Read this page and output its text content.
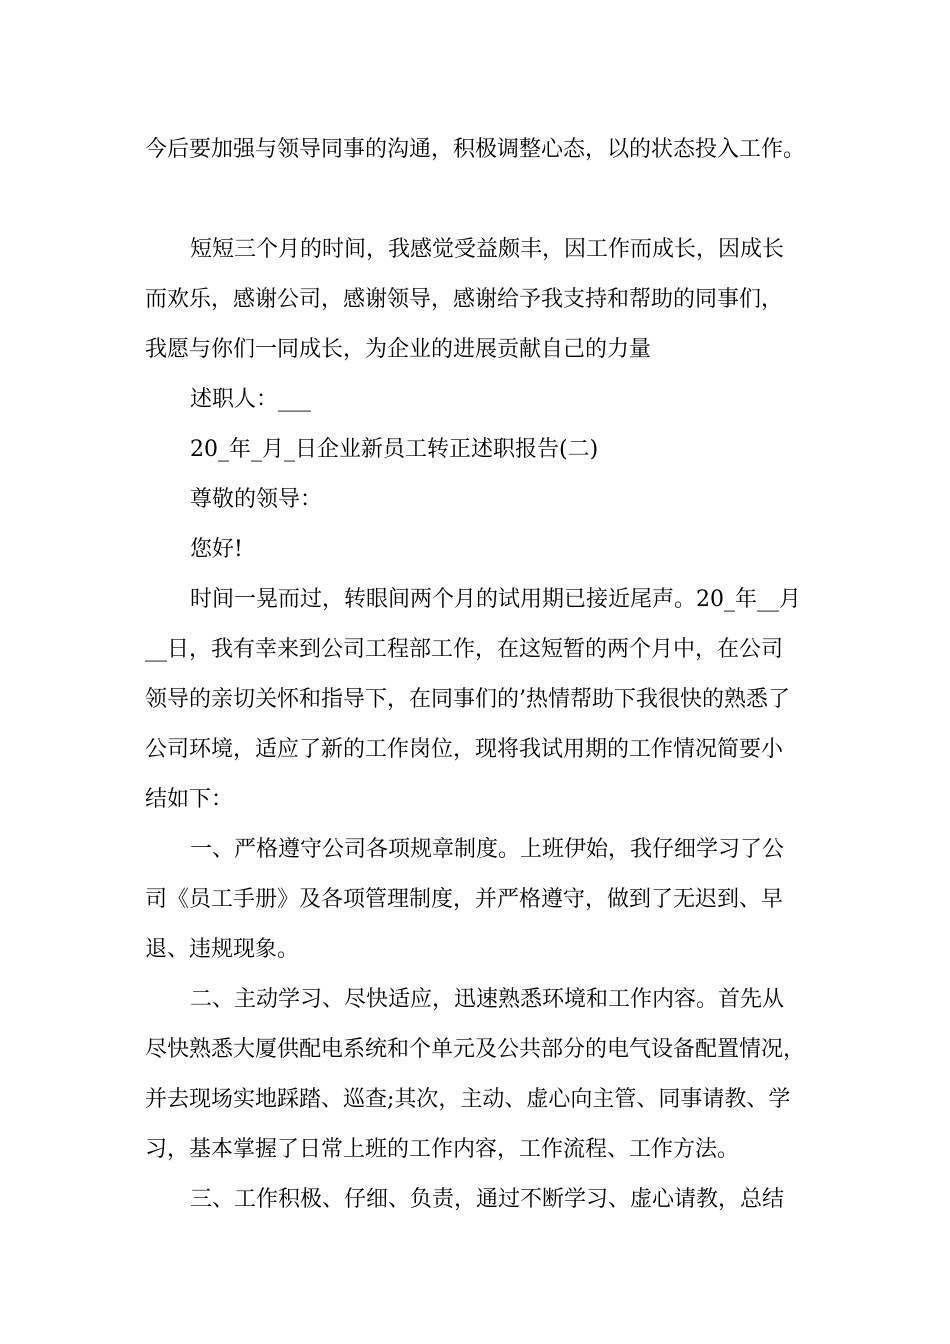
今后要加强与领导同事的沟通，积极调整心态，以的状态投入工作。
短短三个月的时间，我感觉受益颇丰，因工作而成长，因成长
而欢乐，感谢公司，感谢领导，感谢给予我支持和帮助的同事们，
我愿与你们一同成长，为企业的进展贡献自己的力量
述职人：___
20_年_月_日企业新员工转正述职报告(二)
尊敬的领导：
您好!
时间一晃而过，转眼间两个月的试用期已接近尾声。20_年__月
__日，我有幸来到公司工程部工作，在这短暂的两个月中，在公司
领导的亲切关怀和指导下，在同事们的’热情帮助下我很快的熟悉了
公司环境，适应了新的工作岗位，现将我试用期的工作情况简要小
结如下：
一、严格遵守公司各项规章制度。上班伊始，我仔细学习了公
司《员工手册》及各项管理制度，并严格遵守，做到了无迟到、早
退、违规现象。
二、主动学习、尽快适应，迅速熟悉环境和工作内容。首先从
尽快熟悉大厦供配电系统和个单元及公共部分的电气设备配置情况，
并去现场实地踩踏、巡查;其次，主动、虚心向主管、同事请教、学
习，基本掌握了日常上班的工作内容，工作流程、工作方法。
三、工作积极、仔细、负责，通过不断学习、虚心请教，总结
